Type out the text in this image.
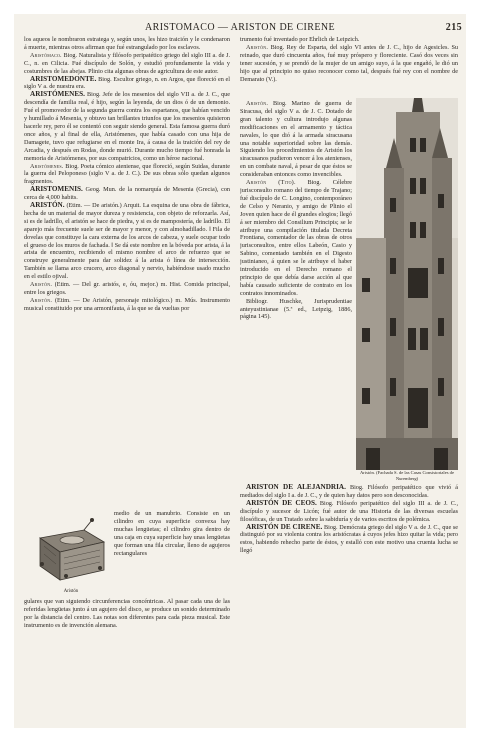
ARISTOMACO — ARISTON DE CIRENE	215

los aqueos le nombraron estratega y, según unos, les hizo traición y le condenaron á muerte, mientras otros afirman que fué estrangulado por los esclavos.

Aristómaco. Biog. Naturalista y filósofo peripatético griego del siglo III a. de J. C., n. en Cilicia. Fué discípulo de Solón, y estudió profundamente la vida y costumbres de las abejas. Plinio cita algunas obras de agricultura de este autor.

ARISTOMEDONTE. Biog. Escultor griego, n. en Argos, que floreció en el siglo V a. de nuestra era.

ARISTÓMENES. Biog. Jefe de los mesenios del siglo VII a. de J. C., que descendía de familia real, é hijo, según la leyenda, de un dios ó de un demonio. Fué el promovedor de la segunda guerra contra los espartanos, que habían vencido y humillado á Mesenia, y obtuvo tan brillantes triunfos que los mesenios quisieron hacerle rey, pero él se contentó con seguir siendo general. Esta famosa guerra duró once años, y al final de ella, Aristómenes, que había casado con una hija de Damagete, tuvo que refugiarse en el monte Ira, á causa de la traición del rey de Arcadia, y después en Rodas, donde murió. Durante mucho tiempo fué honrada la memoria de Aristómenes, por sus compatricios, como un héroe nacional.

Aristómenes. Biog. Poeta cómico ateniense, que floreció, según Suidas, durante la guerra del Peloponeso (siglo V a. de J. C.). De sus obras sólo quedan algunos fragmentos.

ARISTOMENIS. Geog. Mun. de la nomarquía de Mesenia (Grecia), con cerca de 4,000 habits.

ARISTÓN. (Etim. — De aristón.) Arquit. La esquina de una obra de fábrica, hecha de un material de mayor dureza y resistencia, con objeto de reforzarla. Así, si es de ladrillo, el aristón se hace de piedra, y si es de mampostería, de ladrillo. El aparejo más frecuente suele ser de mayor y menor, y con almohadillado. ‖ Fila de dovelas que constituye la cara externa de los arcos de cabeza, y suele ocupar todo el grueso de los muros de fachada. ‖ Se dá este nombre en la bóveda por arista, á la arista de encuentro, recibiendo el mismo nombre el arco de refuerzo que se construye generalmente para dar solidez á la arista ó línea de intersección. También se llama arco crucero, arco diagonal y nervio, habiéndose usado mucho en el estilo ojival.

Aristón. (Etim. — Del gr. aristós, e, óu, mejor.) m. Hist. Comida principal, entre los griegos.

Aristón. (Etim. — De Aristón, personaje mitológico.) m. Mús. Instrumento musical constituido por una armonifauta, á la que se da vueltas por

Aristón

medio de un manubrio. Consiste en un cilindro en cuya superficie convexa hay muchas lengüetas; el cilindro gira dentro de una caja en cuya superficie hay unas lengüetas que forman una fila circular, lleno de agujeros rectangulares

gulares que van siguiendo circunferencias concéntricas. Al pasar cada una de las referidas lengüetas junto á un agujero del disco, se produce un sonido determinado por la distancia del centro. Las notas son diferentes para cada pieza musical. Este instrumento es de invención alemana.

trumento fué inventado por Ehrlich de Leipzich.

Aristón. Biog. Rey de Esparta, del siglo VI antes de J. C., hijo de Agesicles. Su reinado, que duró cincuenta años, fué muy próspero y floreciente. Casó dos veces sin tener sucesión, y se prendó de la mujer de un amigo suyo, á la que engañó, le dió un hijo que al principio no quiso reconocer como tal, después fué rey con el nombre de Demarato (V.).

Aristón. Biog. Marino de guerra de Siracusa, del siglo V a. de J. C. Dotado de gran talento y cultura introdujo algunas modificaciones en el armamento y táctica navales, lo que dió á la armada siracusana una notable superioridad sobre las demás. Siguiendo los procedimientos de Aristón los siracusanos pudieron vencer á los atenienses, en un combate naval, á pesar de que éstos se consideraban entonces como invencibles.

Aristón (Tito). Biog. Célebre jurisconsulto romano del tiempo de Trajano; fué discípulo de C. Longino, contemporáneo de Celso y Neranio, y amigo de Plinio el Joven quien hace de él grandes elogios; llegó á ser miembro del Consilium Principis; se le atribuye una compilación titulada Decreta Frontiana, comentador de las obras de otros jurisconsultos, entre ellos Labeón, Casio y Sabino, comentado también en el Digesto justinianeo, á quien se le atribuye el haber introducido en el Derecho romano el principio de que debía darse acción al que había causado suficiente de contrato en los contratos innominados.

Bibliogr. Huschke, Jurisprudentiae anteyustinianae (5.ª ed., Leipzig, 1886, página 145).

Aristón. (Fachada S. de las Casas Consistoriales de Nuremberg)

ARISTÓN DE ALEJANDRÍA. Biog. Filósofo peripatético que vivió á mediados del siglo I a. de J. C., y de quien hay datos pero son desconocidas.

ARISTÓN DE CEOS. Biog. Filósofo peripatético del siglo III a. de J. C., discípulo y sucesor de Licón; fué autor de una Historia de las diversas escuelas filosóficas, de un Tratado sobre la sabiduría y de varios escritos de polémica.

ARISTÓN DE CIRENE. Biog. Demócrata griego del siglo V a. de J. C., que se distinguió por su violenta contra los aristócratas á cuyos jefes hizo quitar la vida; pero estos, habiendo rehecho parte de éstos, y estalló con este motivo una cruenta lucha se llegó
